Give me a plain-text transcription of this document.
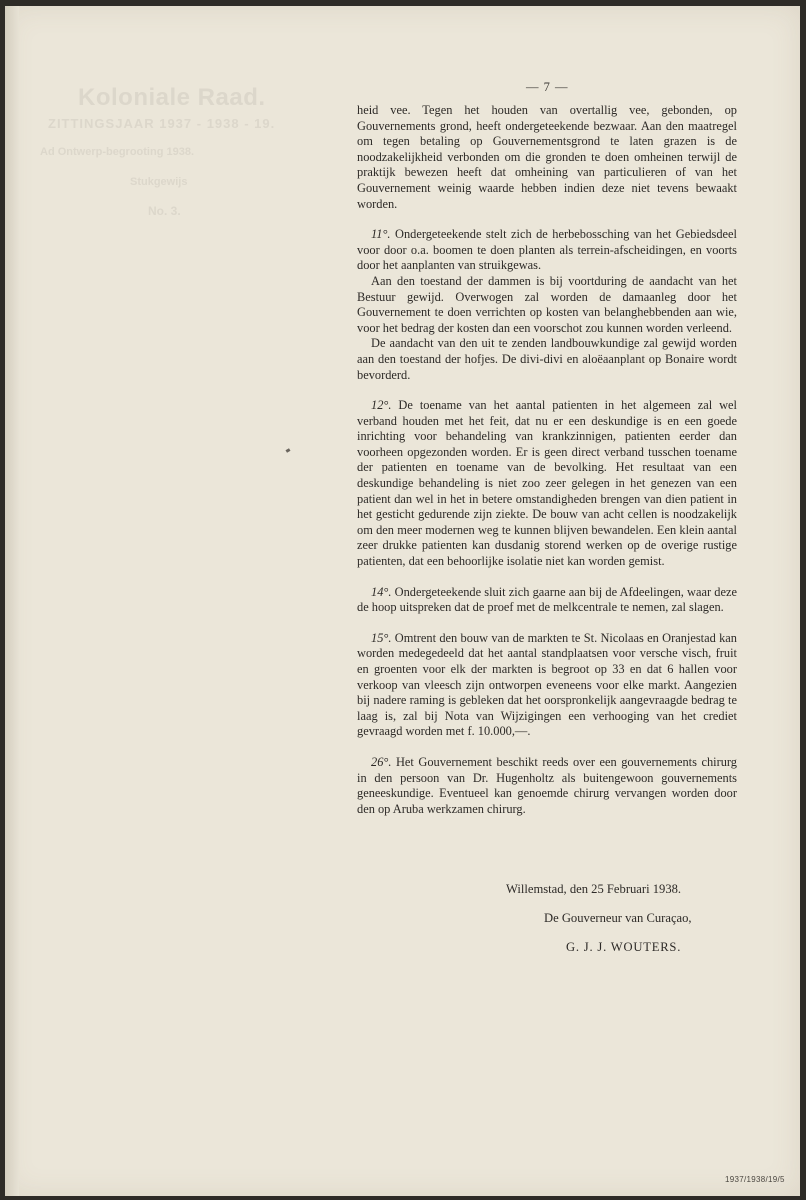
Koloniale Raad.
ZITTINGSJAAR 1937 - 1938 - 19.
Ad Ontwerp-begrooting 1938.
Stukgewijs
No. 3.
— 7 —

heid vee. Tegen het houden van overtallig vee, gebonden, op Gouvernements grond, heeft ondergeteekende bezwaar. Aan den maatregel om tegen betaling op Gouvernementsgrond te laten grazen is de noodzakelijkheid verbonden om die gronden te doen omheinen terwijl de praktijk bewezen heeft dat omheining van particulieren of van het Gouvernement weinig waarde hebben indien deze niet tevens bewaakt worden.

11°. Ondergeteekende stelt zich de herbebossching van het Gebiedsdeel voor door o.a. boomen te doen planten als terrein-afscheidingen, en voorts door het aanplanten van struikgewas.

Aan den toestand der dammen is bij voortduring de aandacht van het Bestuur gewijd. Overwogen zal worden de damaanleg door het Gouvernement te doen verrichten op kosten van belanghebbenden aan wie, voor het bedrag der kosten dan een voorschot zou kunnen worden verleend.

De aandacht van den uit te zenden landbouwkundige zal gewijd worden aan den toestand der hofjes. De divi-divi en aloëaanplant op Bonaire wordt bevorderd.

12°. De toename van het aantal patienten in het algemeen zal wel verband houden met het feit, dat nu er een deskundige is en een goede inrichting voor behandeling van krankzinnigen, patienten eerder dan voorheen opgezonden worden. Er is geen direct verband tusschen toename der patienten en toename van de bevolking. Het resultaat van een deskundige behandeling is niet zoo zeer gelegen in het genezen van een patient dan wel in het in betere omstandigheden brengen van dien patient in het gesticht gedurende zijn ziekte. De bouw van acht cellen is noodzakelijk om den meer modernen weg te kunnen blijven bewandelen. Een klein aantal zeer drukke patienten kan dusdanig storend werken op de overige rustige patienten, dat een behoorlijke isolatie niet kan worden gemist.

14°. Ondergeteekende sluit zich gaarne aan bij de Afdeelingen, waar deze de hoop uitspreken dat de proef met de melkcentrale te nemen, zal slagen.

15°. Omtrent den bouw van de markten te St. Nicolaas en Oranjestad kan worden medegedeeld dat het aantal standplaatsen voor versche visch, fruit en groenten voor elk der markten is begroot op 33 en dat 6 hallen voor verkoop van vleesch zijn ontworpen eveneens voor elke markt. Aangezien bij nadere raming is gebleken dat het oorspronkelijk aangevraagde bedrag te laag is, zal bij Nota van Wijzigingen een verhooging van het crediet gevraagd worden met f. 10.000,—.

26°. Het Gouvernement beschikt reeds over een gouvernements chirurg in den persoon van Dr. Hugenholtz als buitengewoon gouvernements geneeskundige. Eventueel kan genoemde chirurg vervangen worden door den op Aruba werkzamen chirurg.

Willemstad, den 25 Februari 1938.
De Gouverneur van Curaçao,
G. J. J. WOUTERS.
1937/1938/19/5
